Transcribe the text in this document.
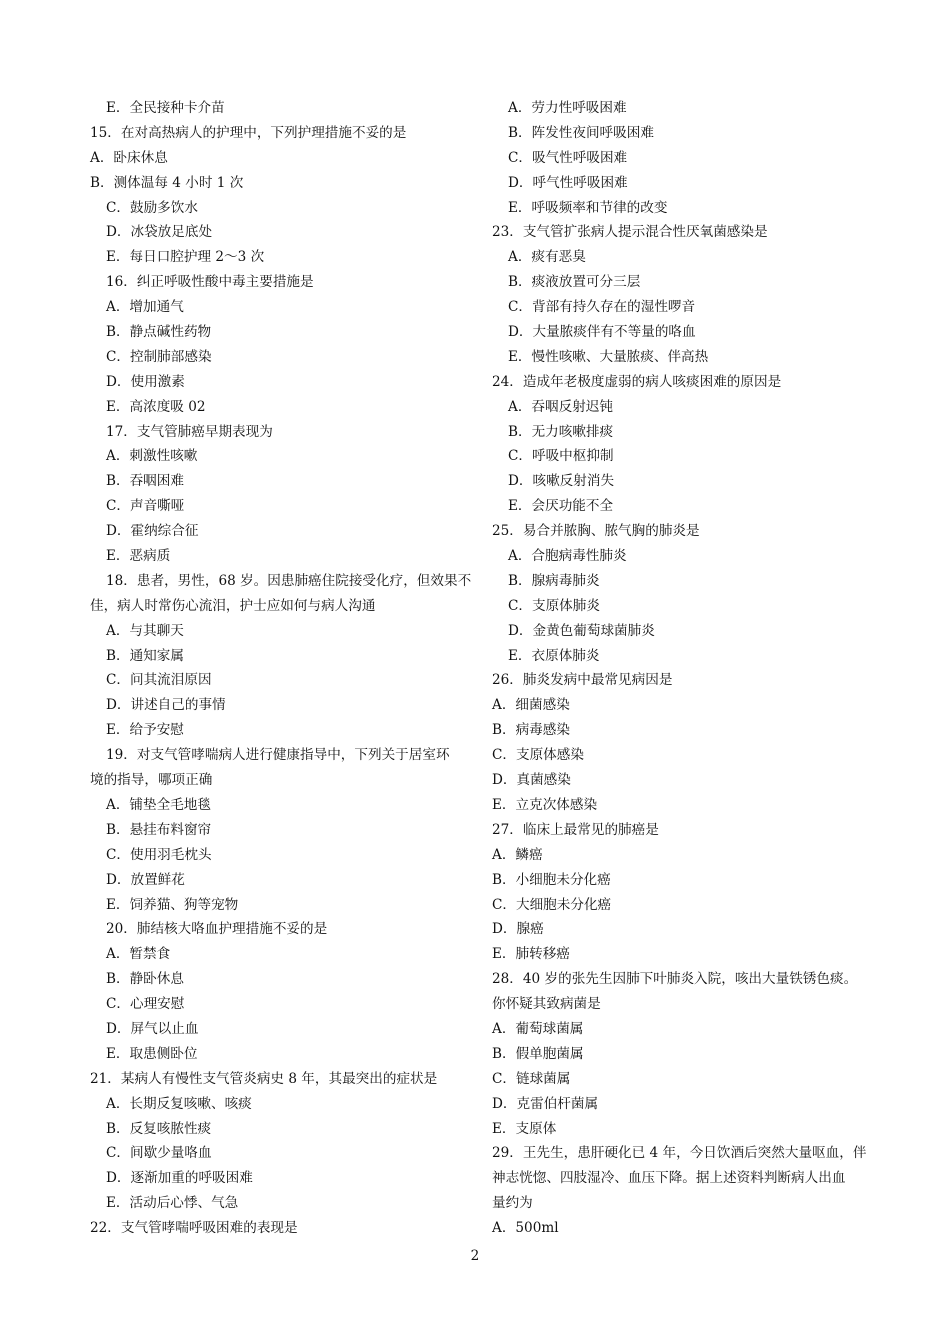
E．全民接种卡介苗
15．在对高热病人的护理中，下列护理措施不妥的是
A．卧床休息
B．测体温每 4 小时 1 次
C．鼓励多饮水
D．冰袋放足底处
E．每日口腔护理 2～3 次
16．纠正呼吸性酸中毒主要措施是
A．增加通气
B．静点碱性药物
C．控制肺部感染
D．使用激素
E．高浓度吸 02
17．支气管肺癌早期表现为
A．刺激性咳嗽
B．吞咽困难
C．声音嘶哑
D．霍纳综合征
E．恶病质
18．患者，男性，68 岁。因患肺癌住院接受化疗，但效果不
佳，病人时常伤心流泪，护士应如何与病人沟通
A．与其聊天
B．通知家属
C．问其流泪原因
D．讲述自己的事情
E．给予安慰
19．对支气管哮喘病人进行健康指导中，下列关于居室环
境的指导，哪项正确
A．铺垫全毛地毯
B．悬挂布料窗帘
C．使用羽毛枕头
D．放置鲜花
E．饲养猫、狗等宠物
20．肺结核大咯血护理措施不妥的是
A．暂禁食
B．静卧休息
C．心理安慰
D．屏气以止血
E．取患侧卧位
21．某病人有慢性支气管炎病史 8 年，其最突出的症状是
A．长期反复咳嗽、咳痰
B．反复咳脓性痰
C．间歇少量咯血
D．逐渐加重的呼吸困难
E．活动后心悸、气急
22．支气管哮喘呼吸困难的表现是
A．劳力性呼吸困难
B．阵发性夜间呼吸困难
C．吸气性呼吸困难
D．呼气性呼吸困难
E．呼吸频率和节律的改变
23．支气管扩张病人提示混合性厌氧菌感染是
A．痰有恶臭
B．痰液放置可分三层
C．背部有持久存在的湿性啰音
D．大量脓痰伴有不等量的咯血
E．慢性咳嗽、大量脓痰、伴高热
24．造成年老极度虚弱的病人咳痰困难的原因是
A．吞咽反射迟钝
B．无力咳嗽排痰
C．呼吸中枢抑制
D．咳嗽反射消失
E．会厌功能不全
25．易合并脓胸、脓气胸的肺炎是
A．合胞病毒性肺炎
B．腺病毒肺炎
C．支原体肺炎
D．金黄色葡萄球菌肺炎
E．衣原体肺炎
26．肺炎发病中最常见病因是
A．细菌感染
B．病毒感染
C．支原体感染
D．真菌感染
E．立克次体感染
27．临床上最常见的肺癌是
A．鳞癌
B．小细胞未分化癌
C．大细胞未分化癌
D．腺癌
E．肺转移癌
28．40 岁的张先生因肺下叶肺炎入院，咳出大量铁锈色痰。
你怀疑其致病菌是
A．葡萄球菌属
B．假单胞菌属
C．链球菌属
D．克雷伯杆菌属
E．支原体
29．王先生，患肝硬化已 4 年，今日饮酒后突然大量呕血，伴
神志恍惚、四肢湿冷、血压下降。据上述资料判断病人出血
量约为
A．500ml
2
